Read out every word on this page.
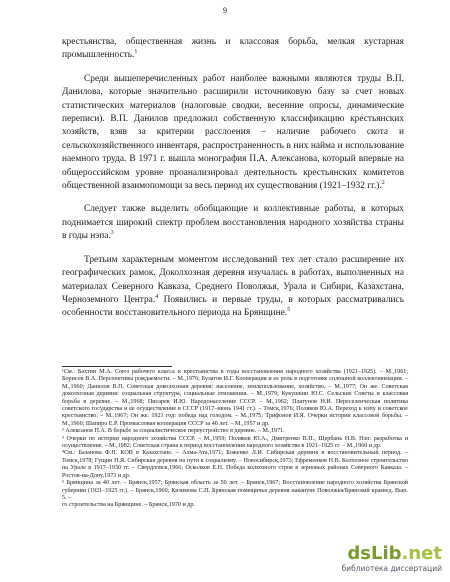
9

крестьянства, общественная жизнь и классовая борьба, мелкая кустарная промышленность.$^1$

Среди вышеперечисленных работ наиболее важными являются труды В.П. Данилова, которые значительно расширили источниковую базу за счет новых статистических материалов (налоговые сводки, весенние опросы, динамические переписи). В.П. Данилов предложил собственную классификацию крестьянских хозяйств, взяв за критерии расслоения – наличие рабочего скота и сельскохозяйственного инвентаря, распространенность в них найма и использование наемного труда. В 1971 г. вышла монография П.А. Алексанова, который впервые на общероссийском уровне проанализировал деятельность крестьянских комитетов общественной взаимопомощи за весь период их существования (1921–1932 гг.).$^2$

Следует также выделить обобщающие и коллективные работы, в которых поднимается широкий спектр проблем восстановления народного хозяйства страны в годы нэпа.$^3$

Третьим характерным моментом исследований тех лет стало расширение их географических рамок. Доколхозная деревня изучалась в работах, выполненных на материалах Северного Кавказа, Среднего Поволжья, Урала и Сибири, Казахстана, Черноземного Центра.$^4$ Появились и первые труды, в которых рассматривались особенности восстановительного периода на Брянщине.$^5$

¹См.: Бахтин М.А. Союз рабочего класса и крестьянства в годы восстановления народного хозяйства (1921–1925). – М.,1961; Борисов В.А. Перспективы рождаемости. – М.,1976; Булатов И.Г. Кооперация и ее роль в подготовке сплошной коллективизации. – М.,1960; Данилов В.П. Советская доколхозная деревня: население, землепользование, хозяйство. – М.,1977; Он же. Советская доколхозная деревня: социальная структура, социальные отношения. – М.,1979; Кукушкин Ю.С. Сельские Советы и классовая борьба в деревне. – М.,1968; Писарев И.Ю. Народонаселение СССР. – М.,1962; Платунов Н.И. Переселенческая политика советского государства и ее осуществление в СССР (1917–июнь 1941 гг.). – Томск,1976; Поляков Ю.А. Переход к нэпу и советское крестьянство. – М.,1967; Он же. 1921 год: победа над голодом. – М.,1975; Трифонов И.Я. Очерки истории классовой борьбы. – М.,1960; Шапиро Е.Р. Промысловая кооперация СССР за 40 лет. – М.,1957 и др.

² Алексанов П.А. В борьбе за социалистическое переустройство в деревне. – М.,1971.

³ Очерки по истории народного хозяйства СССР. – М.,1959; Поляков Ю.А., Дмитренко В.П., Щербань Н.В. Нэп: разработка и осуществление. – М.,1982; Советская страна в период восстановления народного хозяйства в 1921–1925 гг. – М.,1960 и др.

⁴См.: Базанова Ф.Н. КОВ в Казахстане. – Алма-Ата,1971; Боженко Л.И. Сибирская деревня в восстановительный период. – Томск,1978; Гущин Н.Я. Сибирская деревня на пути к социализму. – Новосибирск,1973; Ефременков Н.В. Колхозное строительство на Урале в 1917–1930 гг. – Свердловск,1966; Осколков Е.Н. Победа колхозного строя в зерновых районах Северного Кавказа. – Ростов-на-Дону,1973 и др.

⁵ Брянщина за 40 лет. – Брянск,1957; Брянская область за 50 лет. – Брянск,1967; Восстановление народного хозяйства Брянской губернии (1921–1925 гг.). – Брянск,1960; Кизимова С.П. Брянская помещичья деревня накануне Поволжья/Брянский краевед. Вып. 5. –

го строительства на Брянщине. – Брянск,1970 и др.

dsLib.net
библиотека диссертаций
